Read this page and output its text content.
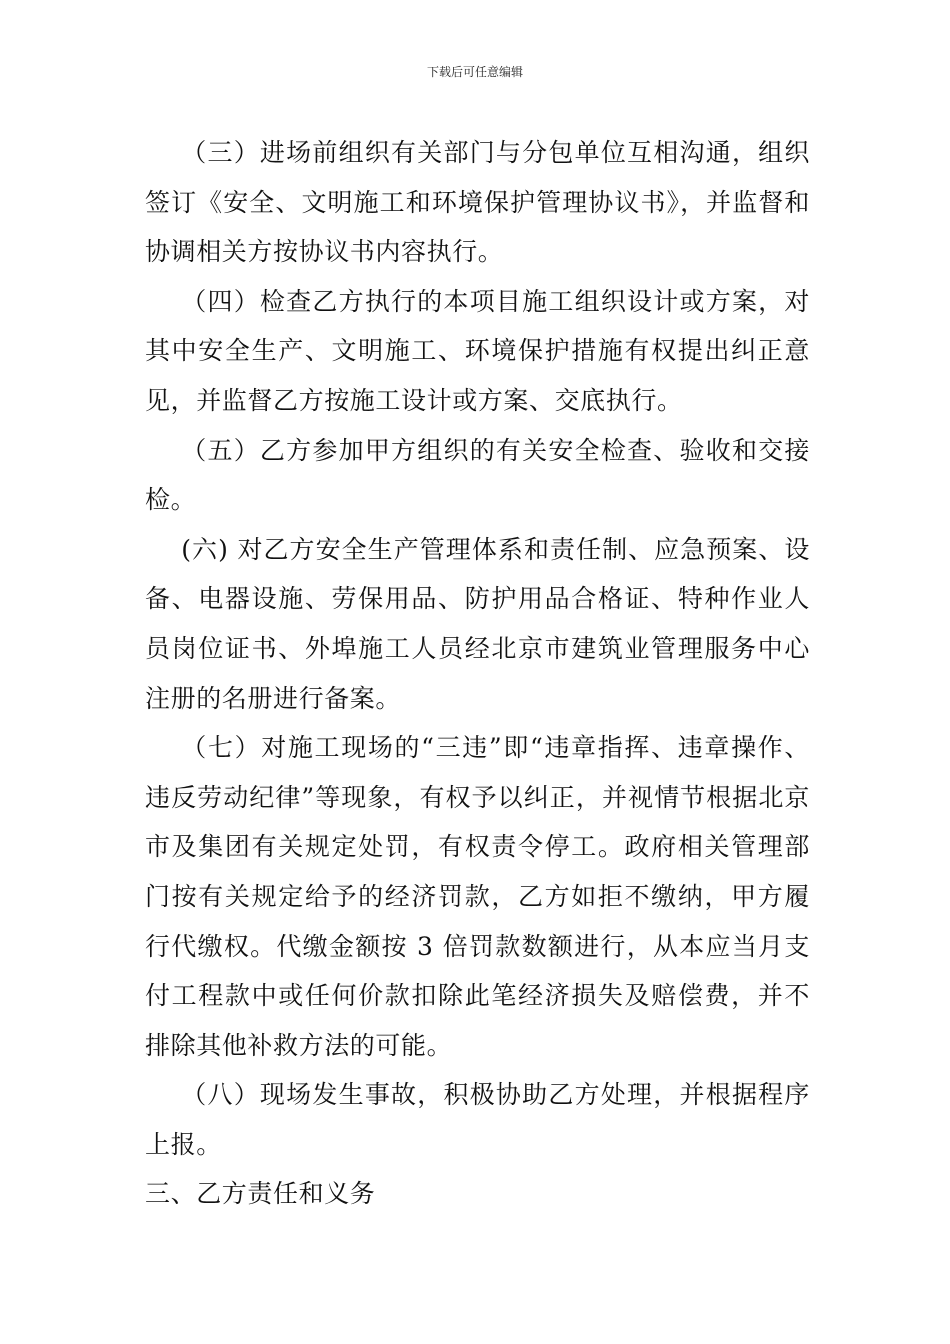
下载后可任意编辑

（三）进场前组织有关部门与分包单位互相沟通，组织签订《安全、文明施工和环境保护管理协议书》，并监督和协调相关方按协议书内容执行。

（四）检查乙方执行的本项目施工组织设计或方案，对其中安全生产、文明施工、环境保护措施有权提出纠正意见，并监督乙方按施工设计或方案、交底执行。

（五）乙方参加甲方组织的有关安全检查、验收和交接检。

(六) 对乙方安全生产管理体系和责任制、应急预案、设备、电器设施、劳保用品、防护用品合格证、特种作业人员岗位证书、外埠施工人员经北京市建筑业管理服务中心注册的名册进行备案。

（七）对施工现场的“三违”即“违章指挥、违章操作、违反劳动纪律”等现象，有权予以纠正，并视情节根据北京市及集团有关规定处罚，有权责令停工。政府相关管理部门按有关规定给予的经济罚款，乙方如拒不缴纳，甲方履行代缴权。代缴金额按 3 倍罚款数额进行，从本应当月支付工程款中或任何价款扣除此笔经济损失及赔偿费，并不排除其他补救方法的可能。

（八）现场发生事故，积极协助乙方处理，并根据程序上报。

三、乙方责任和义务
